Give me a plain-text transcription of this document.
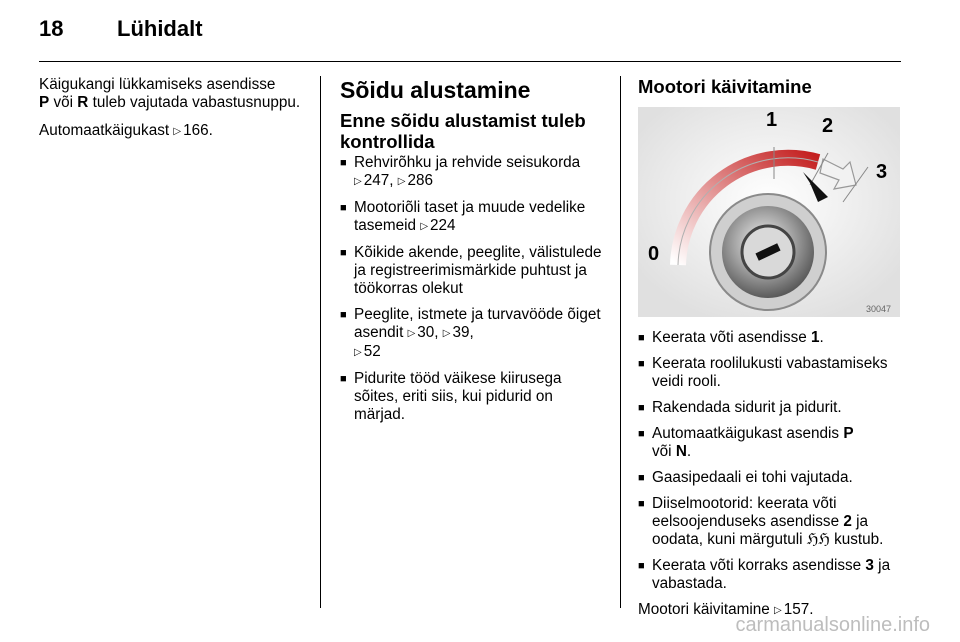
18 Lühidalt

Käigukangi lükkamiseks asendisse
P või R tuleb vajutada vabastusnuppu.

Automaatkäigukast ▷ 166.

Sõidu alustamine
Enne sõidu alustamist tuleb kontrollida
■ Rehvirõhku ja rehvide seisukorda
▷ 247, ▷ 286
■ Mootoriõli taset ja muude vedelike tasemeid ▷ 224
■ Kõikide akende, peeglite, välistulede ja registreerimismärkide puhtust ja töökorras olekut
■ Peeglite, istmete ja turvavööde õiget asendit ▷ 30, ▷ 39,
▷ 52
■ Pidurite tööd väikese kiirusega sõites, eriti siis, kui pidurid on märjad.
Mootori käivitamine
0
1 2
3
30047
■ Keerata võti asendisse 1.
■ Keerata roolilukusti vabastamiseks veidi rooli.
■ Rakendada sidurit ja pidurit.
■ Automaatkäigukast asendis P
või N.
■ Gaasipedaali ei tohi vajutada.
■ Diiselmootorid: keerata võti eelsoojenduseks asendisse 2 ja oodata, kuni märgutuli ℌℌ kustub.
■ Keerata võti korraks asendisse 3 ja vabastada.

Mootori käivitamine ▷ 157.

carmanualsonline.info
